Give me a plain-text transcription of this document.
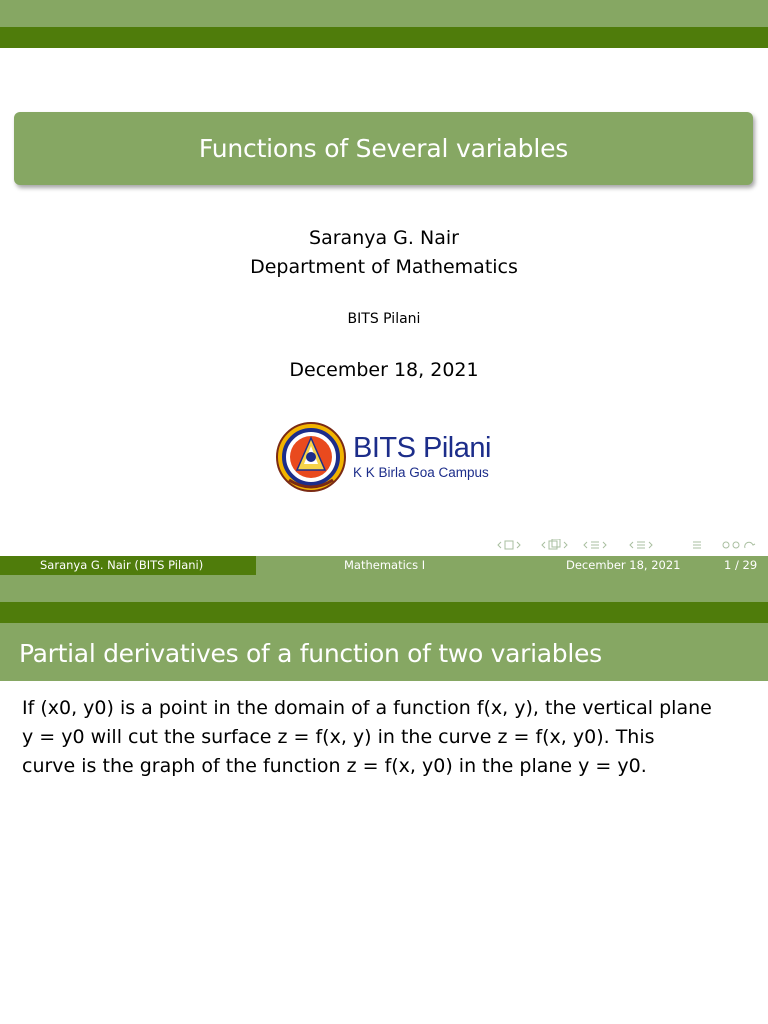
Functions of Several variables
Saranya G. Nair
Department of Mathematics
BITS Pilani
December 18, 2021
BITS Pilani
K K Birla Goa Campus
Saranya G. Nair (BITS Pilani)	Mathematics I	December 18, 2021	1 / 29
Partial derivatives of a function of two variables
If (x0, y0) is a point in the domain of a function f(x, y), the vertical plane
y = y0 will cut the surface z = f(x, y) in the curve z = f(x, y0). This
curve is the graph of the function z = f(x, y0) in the plane y = y0.
